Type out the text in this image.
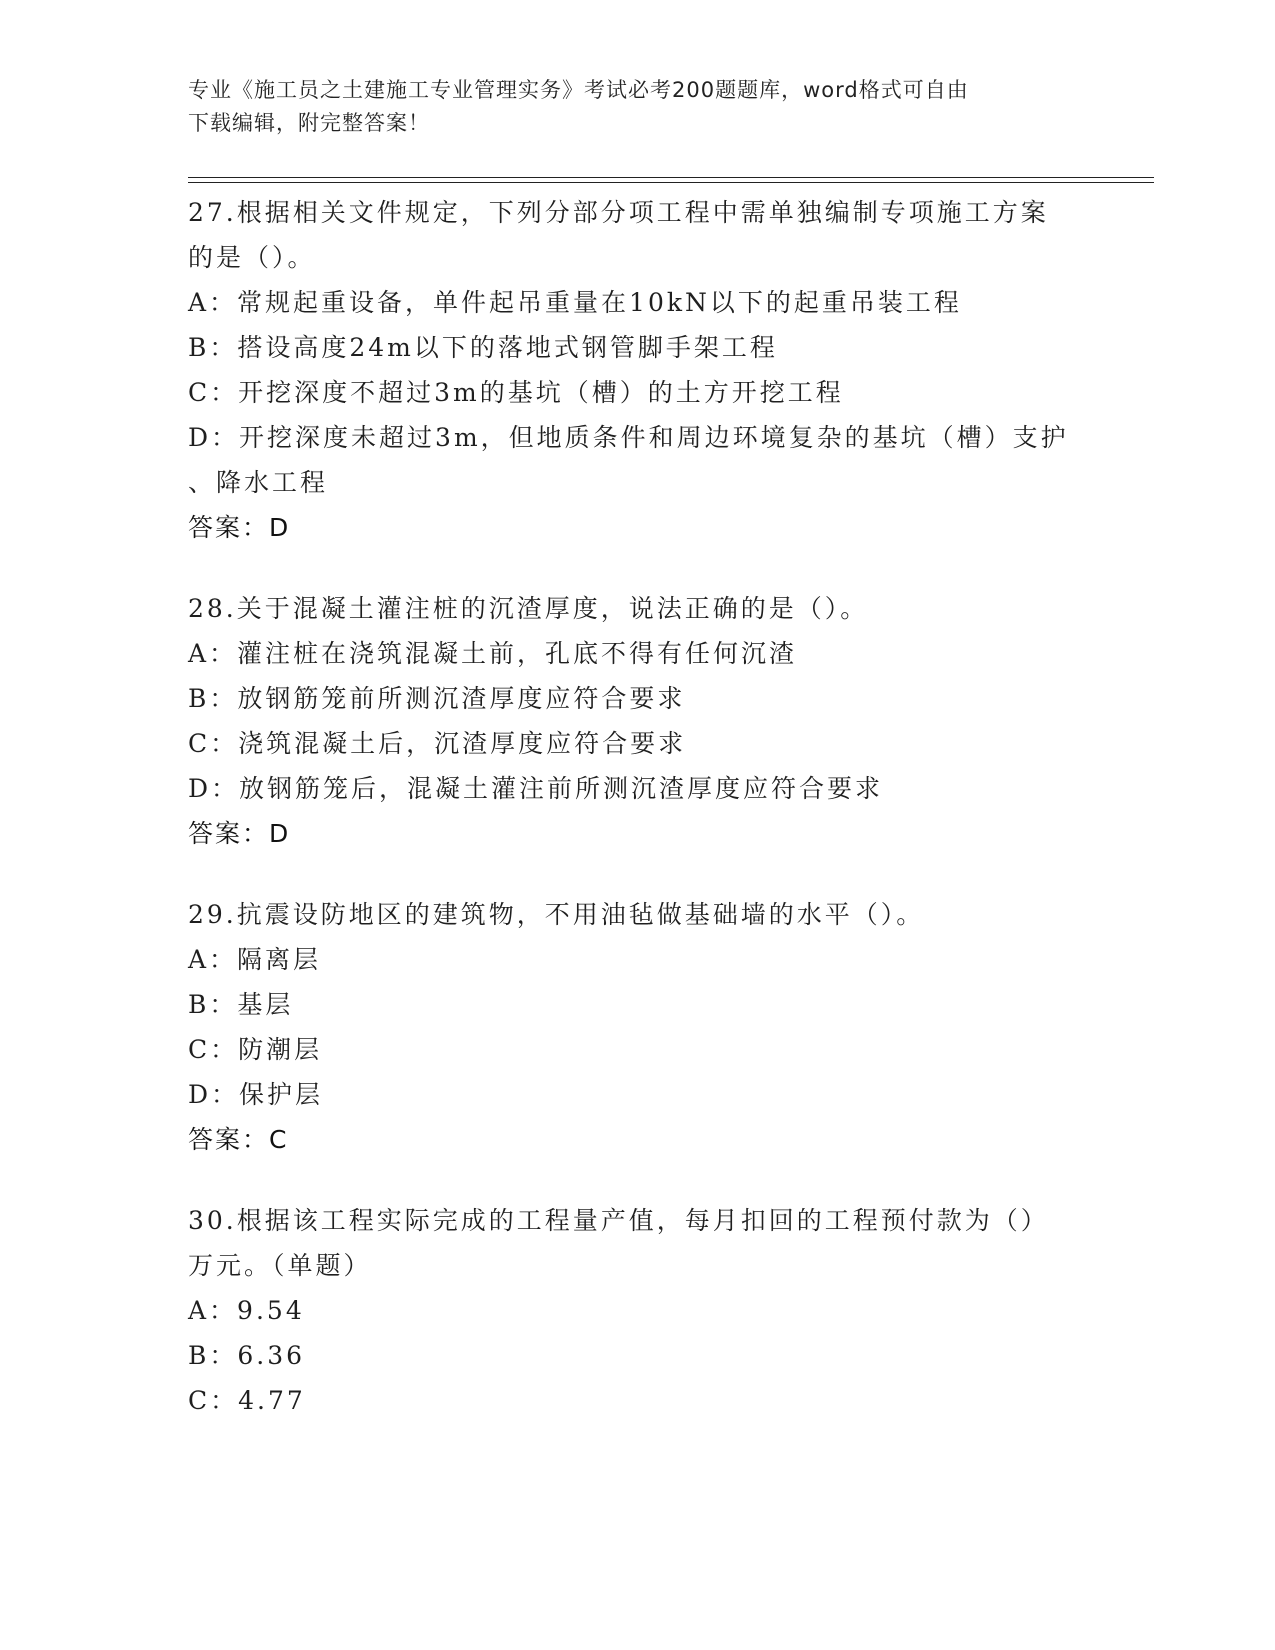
专业《施工员之土建施工专业管理实务》考试必考200题题库，word格式可自由
下载编辑，附完整答案！
27.根据相关文件规定，下列分部分项工程中需单独编制专项施工方案
的是（）。
A：常规起重设备，单件起吊重量在10kN以下的起重吊装工程
B：搭设高度24m以下的落地式钢管脚手架工程
C：开挖深度不超过3m的基坑（槽）的土方开挖工程
D：开挖深度未超过3m，但地质条件和周边环境复杂的基坑（槽）支护
、降水工程
答案：D
28.关于混凝土灌注桩的沉渣厚度，说法正确的是（）。
A：灌注桩在浇筑混凝土前，孔底不得有任何沉渣
B：放钢筋笼前所测沉渣厚度应符合要求
C：浇筑混凝土后，沉渣厚度应符合要求
D：放钢筋笼后，混凝土灌注前所测沉渣厚度应符合要求
答案：D
29.抗震设防地区的建筑物，不用油毡做基础墙的水平（）。
A：隔离层
B：基层
C：防潮层
D：保护层
答案：C
30.根据该工程实际完成的工程量产值，每月扣回的工程预付款为（）
万元。（单题）
A：9.54
B：6.36
C：4.77
